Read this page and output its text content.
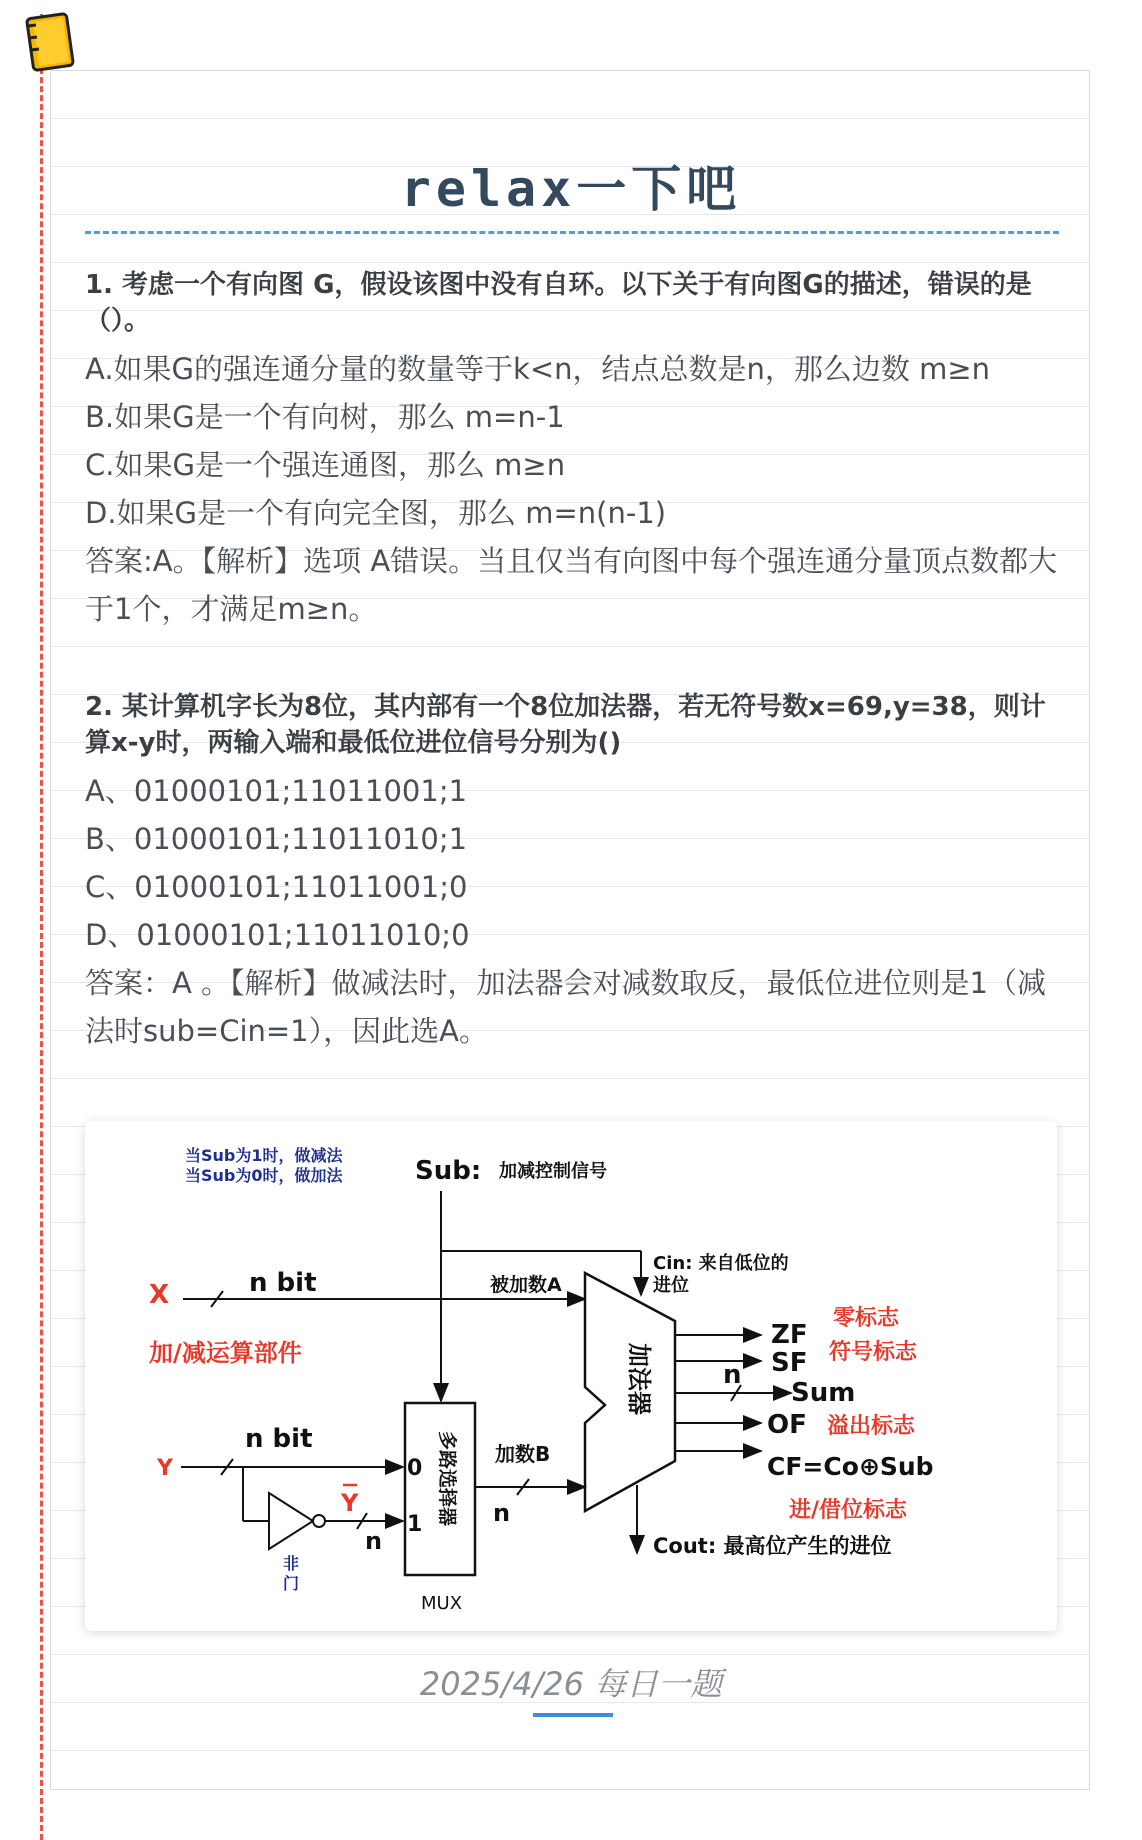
relax一下吧
1. 考虑一个有向图 G，假设该图中没有自环。以下关于有向图G的描述，错误的是（）。
A.如果G的强连通分量的数量等于k<n，结点总数是n，那么边数 m≥n
B.如果G是一个有向树，那么 m=n-1
C.如果G是一个强连通图，那么 m≥n
D.如果G是一个有向完全图，那么 m=n(n-1)
答案:A。【解析】选项 A错误。当且仅当有向图中每个强连通分量顶点数都大于1个，才满足m≥n。
2. 某计算机字长为8位，其内部有一个8位加法器，若无符号数x=69,y=38，则计算x-y时，两输入端和最低位进位信号分别为()
A、01000101;11011001;1
B、01000101;11011010;1
C、01000101;11011001;0
D、01000101;11011010;0
答案：A 。【解析】做减法时，加法器会对减数取反，最低位进位则是1（减法时sub=Cin=1），因此选A。
当Sub为1时，做减法
当Sub为0时，做加法	Sub: 加减控制信号
Cin: 来自低位的
进位
X	n bit	被加数A
加/减运算部件	加法器
ZF
零标志
SF 符号标志
n
Sum
OF 溢出标志
CF=Co⊕Sub
进/借位标志
Cout: 最高位产生的进位
Y
n bit
Y
n
非
门
0
1 多路选择器
MUX
加数B
n
2025/4/26 每日一题
